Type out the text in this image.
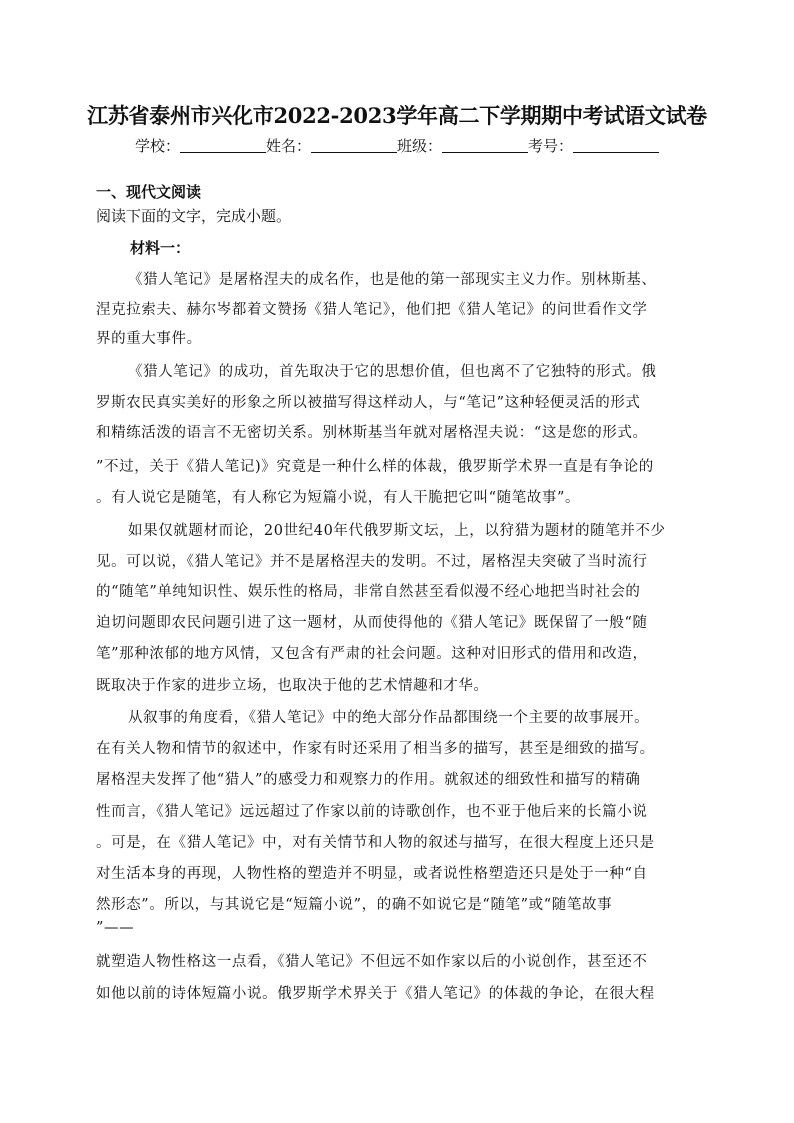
江苏省泰州市兴化市2022-2023学年高二下学期期中考试语文试卷
学校：	姓名：	班级：	考号：
一、现代文阅读
阅读下面的文字，完成小题。
材料一：
《猎人笔记》是屠格涅夫的成名作，也是他的第一部现实主义力作。别林斯基、
涅克拉索夫、赫尔岑都着文赞扬《猎人笔记》，他们把《猎人笔记》的问世看作文学
界的重大事件。
《猎人笔记》的成功，首先取决于它的思想价值，但也离不了它独特的形式。俄
罗斯农民真实美好的形象之所以被描写得这样动人，与“笔记”这种轻便灵活的形式
和精练活泼的语言不无密切关系。别林斯基当年就对屠格涅夫说：“这是您的形式。
”不过，关于《猎人笔记)》究竟是一种什么样的体裁，俄罗斯学术界一直是有争论的
。有人说它是随笔，有人称它为短篇小说，有人干脆把它叫“随笔故事”。
如果仅就题材而论，20世纪40年代俄罗斯文坛，上，以狩猎为题材的随笔并不少
见。可以说，《猎人笔记》并不是屠格涅夫的发明。不过，屠格涅夫突破了当时流行
的“随笔”单纯知识性、娱乐性的格局，非常自然甚至看似漫不经心地把当时社会的
迫切问题即农民问题引进了这一题材，从而使得他的《猎人笔记》既保留了一般“随
笔”那种浓郁的地方风情，又包含有严肃的社会问题。这种对旧形式的借用和改造，
既取决于作家的进步立场，也取决于他的艺术情趣和才华。
从叙事的角度看，《猎人笔记》中的绝大部分作品都围绕一个主要的故事展开。
在有关人物和情节的叙述中，作家有时还采用了相当多的描写，甚至是细致的描写。
屠格涅夫发挥了他“猎人”的感受力和观察力的作用。就叙述的细致性和描写的精确
性而言，《猎人笔记》远远超过了作家以前的诗歌创作，也不亚于他后来的长篇小说
。可是，在《猎人笔记》中，对有关情节和人物的叙述与描写，在很大程度上还只是
对生活本身的再现，人物性格的塑造并不明显，或者说性格塑造还只是处于一种“自
然形态”。所以，与其说它是“短篇小说”，的确不如说它是“随笔”或“随笔故事
”——
就塑造人物性格这一点看，《猎人笔记》不但远不如作家以后的小说创作，甚至还不
如他以前的诗体短篇小说。俄罗斯学术界关于《猎人笔记》的体裁的争论，在很大程
